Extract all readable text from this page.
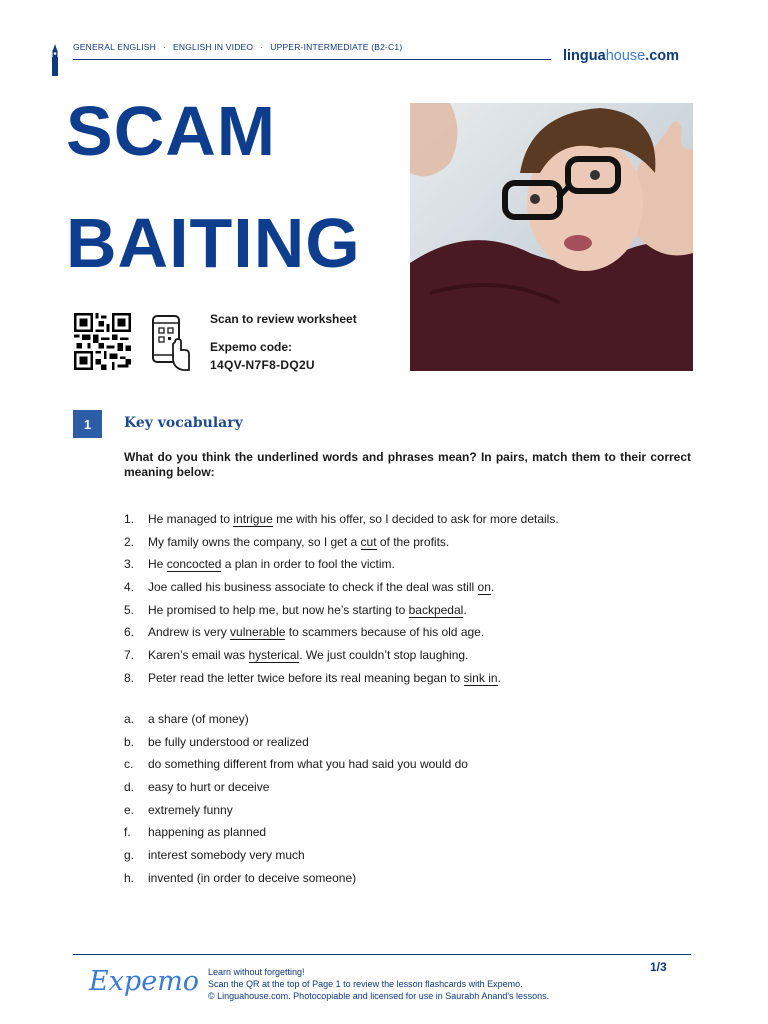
GENERAL ENGLISH · ENGLISH IN VIDEO · UPPER-INTERMEDIATE (B2-C1)
linguahouse.com
SCAM
BAITING
Scan to review worksheet
Expemo code:
14QV-N7F8-DQ2U
1	Key vocabulary
What do you think the underlined words and phrases mean? In pairs, match them to their correct meaning below:
1.	He managed to intrigue me with his offer, so I decided to ask for more details.
2.	My family owns the company, so I get a cut of the profits.
3.	He concocted a plan in order to fool the victim.
4.	Joe called his business associate to check if the deal was still on.
5.	He promised to help me, but now he’s starting to backpedal.
6.	Andrew is very vulnerable to scammers because of his old age.
7.	Karen’s email was hysterical. We just couldn’t stop laughing.
8.	Peter read the letter twice before its real meaning began to sink in.
a.	a share (of money)
b.	be fully understood or realized
c.	do something different from what you had said you would do
d.	easy to hurt or deceive
e.	extremely funny
f.	happening as planned
g.	interest somebody very much
h.	invented (in order to deceive someone)
Expemo Learn without forgetting!
Scan the QR at the top of Page 1 to review the lesson flashcards with Expemo.
© Linguahouse.com. Photocopiable and licensed for use in Saurabh Anand's lessons.
1/3
